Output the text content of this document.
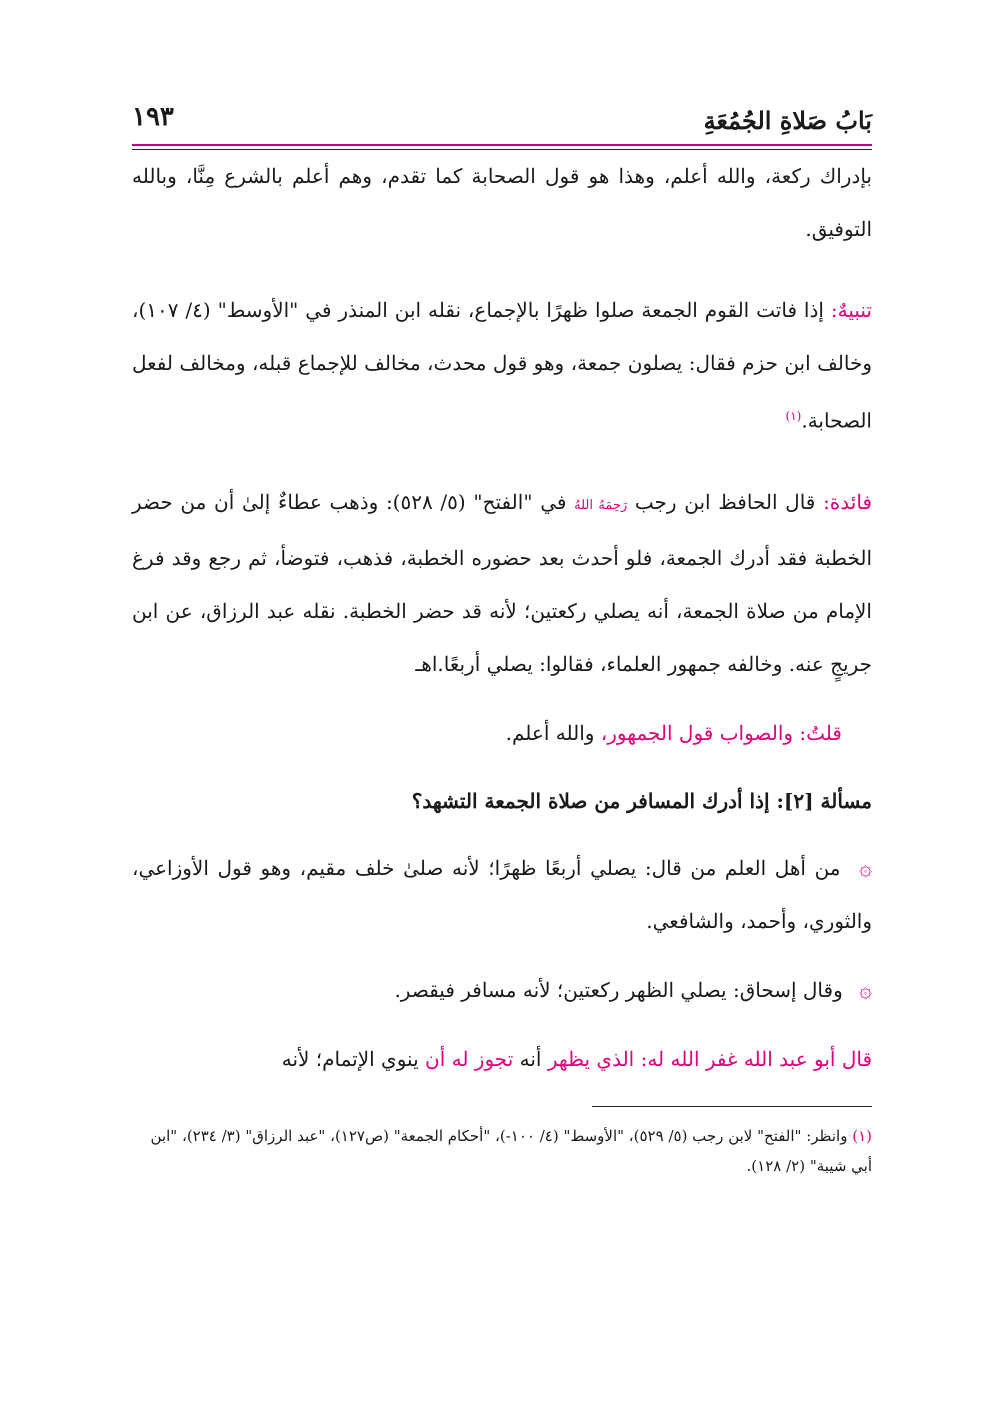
بَابُ صَلاةِ الجُمُعَةِ
١٩٣

بإدراك ركعة، والله أعلم، وهذا هو قول الصحابة كما تقدم، وهم أعلم بالشرع مِنَّا، وبالله التوفيق.

تنبيهٌ: إذا فاتت القوم الجمعة صلوا ظهرًا بالإجماع، نقله ابن المنذر في "الأوسط" (٤/ ١٠٧)، وخالف ابن حزم فقال: يصلون جمعة، وهو قول محدث، مخالف للإجماع قبله، ومخالف لفعل الصحابة.$^{(١)}$

فائدة: قال الحافظ ابن رجب رَحِمَهُ اللهُ في "الفتح" (٥/ ٥٢٨): وذهب عطاءٌ إلىٰ أن من حضر الخطبة فقد أدرك الجمعة، فلو أحدث بعد حضوره الخطبة، فذهب، فتوضأ، ثم رجع وقد فرغ الإمام من صلاة الجمعة، أنه يصلي ركعتين؛ لأنه قد حضر الخطبة. نقله عبد الرزاق، عن ابن جريجٍ عنه. وخالفه جمهور العلماء، فقالوا: يصلي أربعًا.اهـ

قلتُ: والصواب قول الجمهور، والله أعلم.

مسألة [٢]: إذا أدرك المسافر من صلاة الجمعة التشهد؟

۞ من أهل العلم من قال: يصلي أربعًا ظهرًا؛ لأنه صلىٰ خلف مقيم، وهو قول الأوزاعي، والثوري، وأحمد، والشافعي.

۞ وقال إسحاق: يصلي الظهر ركعتين؛ لأنه مسافر فيقصر.

قال أبو عبد الله غفر الله له: الذي يظهر أنه تجوز له أن ينوي الإتمام؛ لأنه

(١) وانظر: "الفتح" لابن رجب (٥/ ٥٢٩)، "الأوسط" (٤/ ١٠٠-)، "أحكام الجمعة" (ص١٢٧)، "عبد الرزاق" (٣/ ٢٣٤)، "ابن أبي شيبة" (٢/ ١٢٨).
